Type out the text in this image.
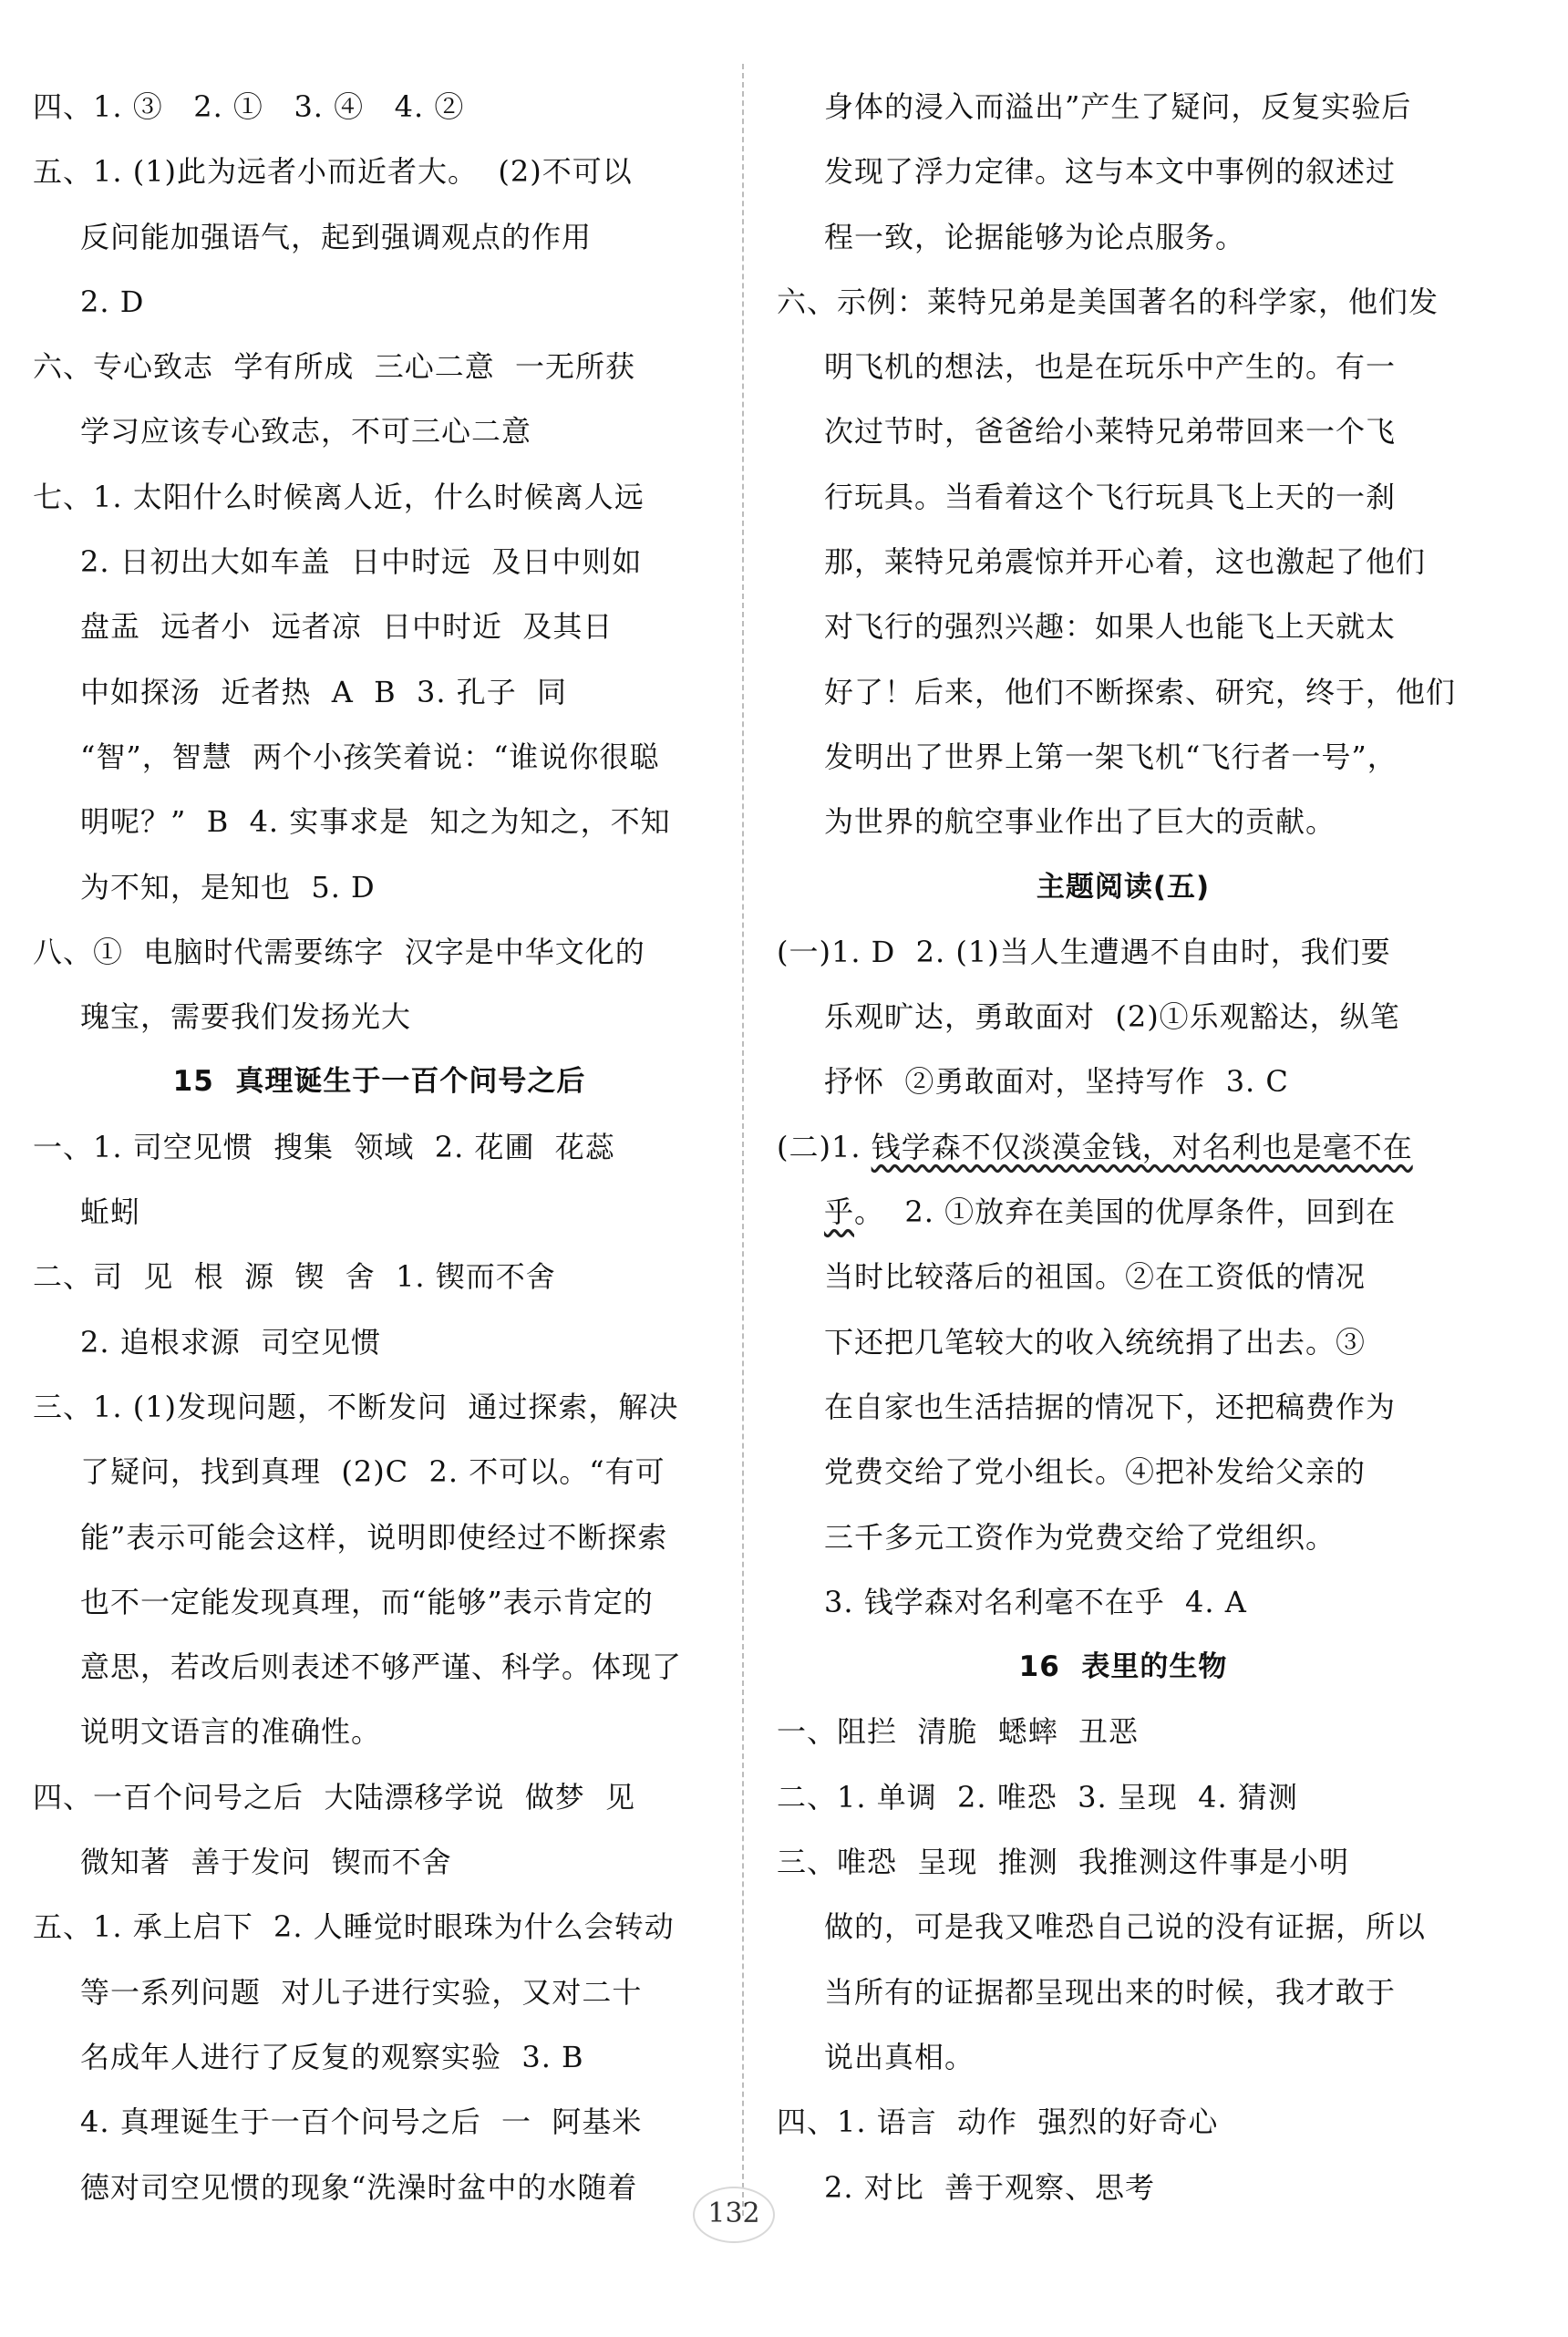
四、1. ③   2. ①   3. ④   4. ②
五、1. (1)此为远者小而近者大。  (2)不可以
反问能加强语气，起到强调观点的作用
2. D
六、专心致志  学有所成  三心二意  一无所获
学习应该专心致志，不可三心二意
七、1. 太阳什么时候离人近，什么时候离人远
2. 日初出大如车盖  日中时远  及日中则如
盘盂  远者小  远者凉  日中时近  及其日
中如探汤  近者热  A  B  3. 孔子  同
“智”，智慧  两个小孩笑着说：“谁说你很聪
明呢？”  B  4. 实事求是  知之为知之，不知
为不知，是知也  5. D
八、①  电脑时代需要练字  汉字是中华文化的
瑰宝，需要我们发扬光大
15  真理诞生于一百个问号之后
一、1. 司空见惯  搜集  领域  2. 花圃  花蕊
蚯蚓
二、司  见  根  源  锲  舍  1. 锲而不舍
2. 追根求源  司空见惯
三、1. (1)发现问题，不断发问  通过探索，解决
了疑问，找到真理  (2)C  2. 不可以。“有可
能”表示可能会这样，说明即使经过不断探索
也不一定能发现真理，而“能够”表示肯定的
意思，若改后则表述不够严谨、科学。体现了
说明文语言的准确性。
四、一百个问号之后  大陆漂移学说  做梦  见
微知著  善于发问  锲而不舍
五、1. 承上启下  2. 人睡觉时眼珠为什么会转动
等一系列问题  对儿子进行实验，又对二十
名成年人进行了反复的观察实验  3. B
4. 真理诞生于一百个问号之后  一  阿基米
德对司空见惯的现象“洗澡时盆中的水随着
身体的浸入而溢出”产生了疑问，反复实验后
发现了浮力定律。这与本文中事例的叙述过
程一致，论据能够为论点服务。
六、示例：莱特兄弟是美国著名的科学家，他们发
明飞机的想法，也是在玩乐中产生的。有一
次过节时，爸爸给小莱特兄弟带回来一个飞
行玩具。当看着这个飞行玩具飞上天的一刹
那，莱特兄弟震惊并开心着，这也激起了他们
对飞行的强烈兴趣：如果人也能飞上天就太
好了！后来，他们不断探索、研究，终于，他们
发明出了世界上第一架飞机“飞行者一号”，
为世界的航空事业作出了巨大的贡献。
主题阅读(五)
(一)1. D  2. (1)当人生遭遇不自由时，我们要
乐观旷达，勇敢面对  (2)①乐观豁达，纵笔
抒怀  ②勇敢面对，坚持写作  3. C
(二)1. 钱学森不仅淡漠金钱，对名利也是毫不在
乎。  2. ①放弃在美国的优厚条件，回到在
当时比较落后的祖国。②在工资低的情况
下还把几笔较大的收入统统捐了出去。③
在自家也生活拮据的情况下，还把稿费作为
党费交给了党小组长。④把补发给父亲的
三千多元工资作为党费交给了党组织。
3. 钱学森对名利毫不在乎  4. A
16  表里的生物
一、阻拦  清脆  蟋蟀  丑恶
二、1. 单调  2. 唯恐  3. 呈现  4. 猜测
三、唯恐  呈现  推测  我推测这件事是小明
做的，可是我又唯恐自己说的没有证据，所以
当所有的证据都呈现出来的时候，我才敢于
说出真相。
四、1. 语言  动作  强烈的好奇心
2. 对比  善于观察、思考
132
